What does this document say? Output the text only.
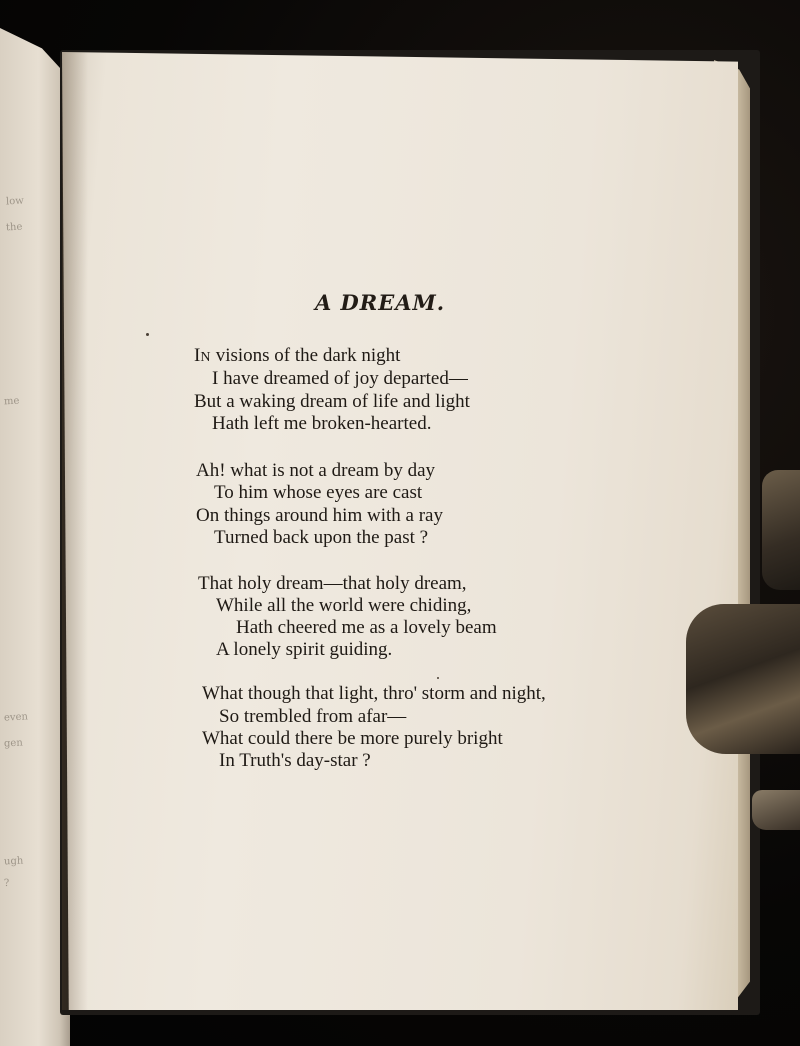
low
the
me
even
gen
ugh
?
A DREAM.

IN visions of the dark night

I have dreamed of joy departed—

But a waking dream of life and light

Hath left me broken-hearted.

Ah! what is not a dream by day

To him whose eyes are cast

On things around him with a ray

Turned back upon the past ?

That holy dream—that holy dream,

While all the world were chiding,

Hath cheered me as a lovely beam

A lonely spirit guiding.

What though that light, thro' storm and night,

So trembled from afar—

What could there be more purely bright

In Truth's day-star ?
